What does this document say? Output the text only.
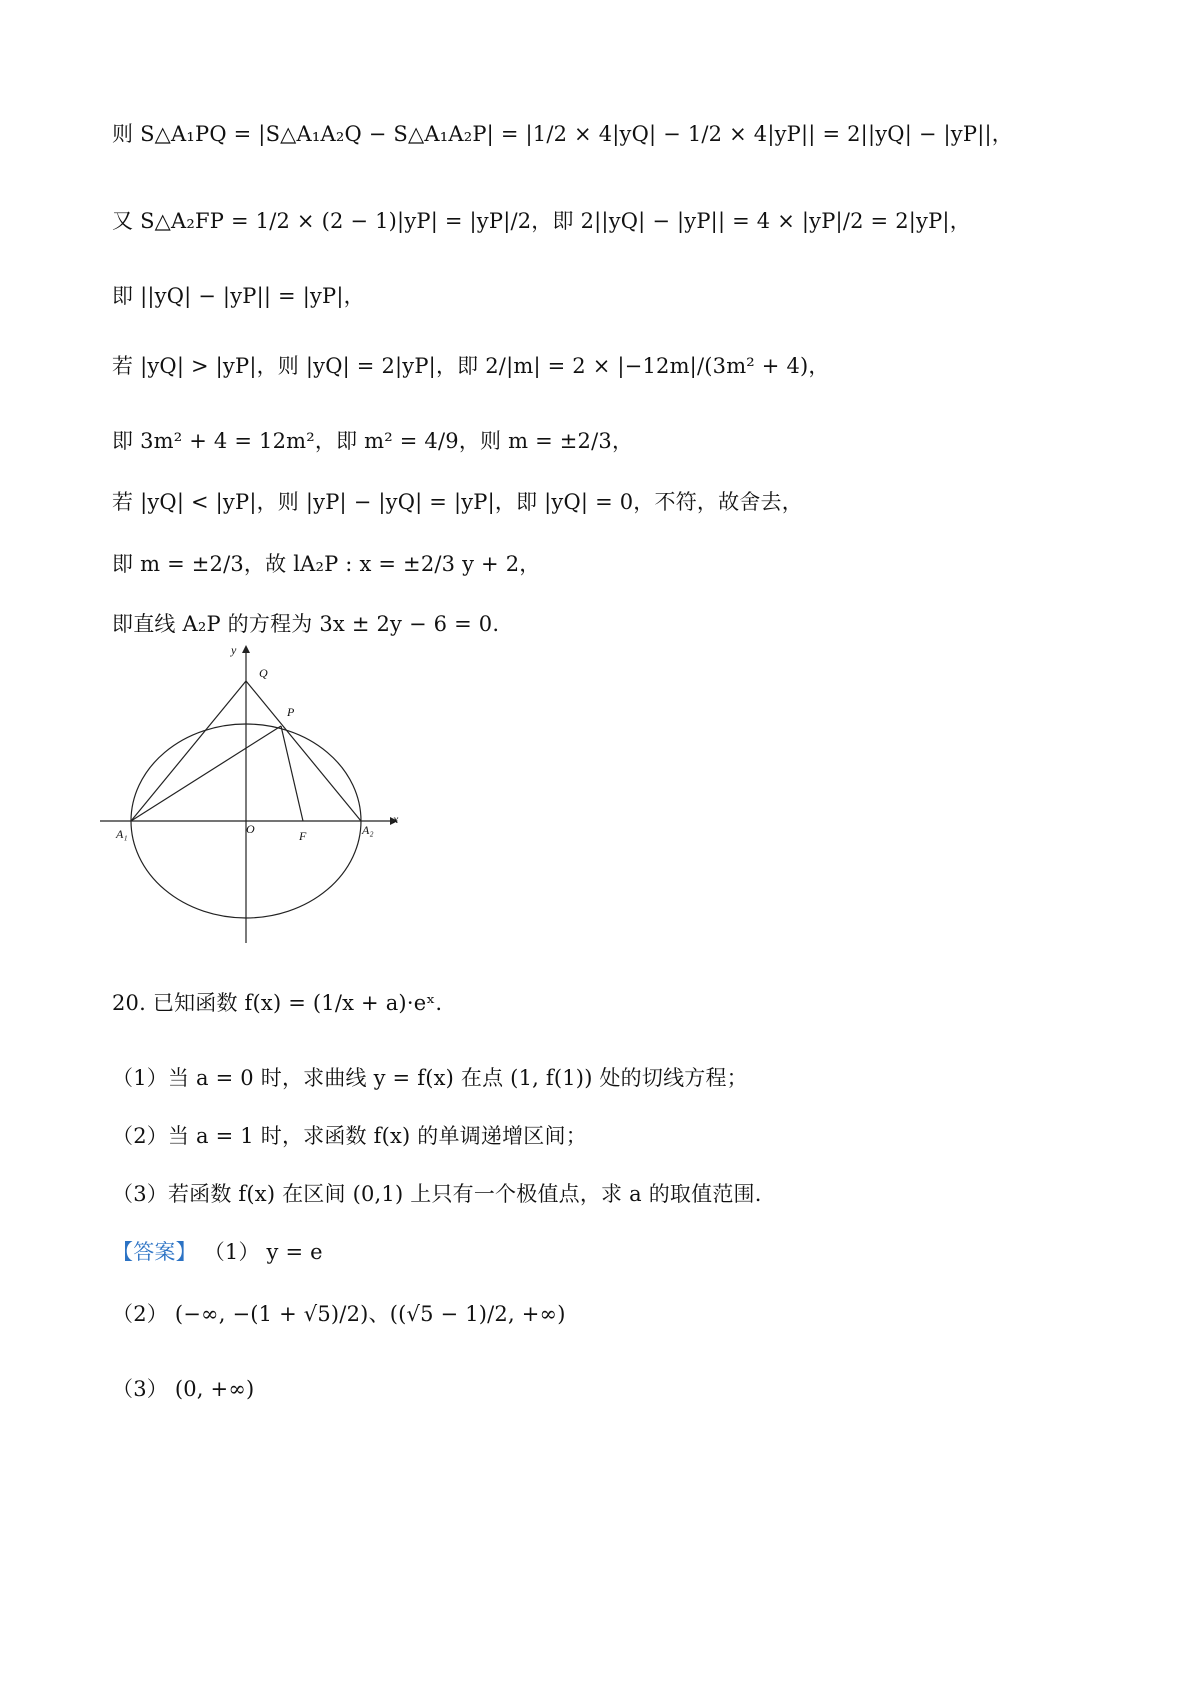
则 S△A₁PQ = |S△A₁A₂Q − S△A₁A₂P| = |1/2 × 4|yQ| − 1/2 × 4|yP|| = 2||yQ| − |yP||，
又 S△A₂FP = 1/2 × (2 − 1)|yP| = |yP|/2，即 2||yQ| − |yP|| = 4 × |yP|/2 = 2|yP|，
即 ||yQ| − |yP|| = |yP|，
若 |yQ| > |yP|，则 |yQ| = 2|yP|，即 2/|m| = 2 × |−12m|/(3m² + 4)，
即 3m² + 4 = 12m²，即 m² = 4/9，则 m = ±2/3，
若 |yQ| < |yP|，则 |yP| − |yQ| = |yP|，即 |yQ| = 0，不符，故舍去，
即 m = ±2/3，故 lA₂P : x = ±2/3 y + 2，
即直线 A₂P 的方程为 3x ± 2y − 6 = 0.
y
x
Q
P
O	F
A₁	A₂
20. 已知函数 f(x) = (1/x + a)·eˣ.
（1）当 a = 0 时，求曲线 y = f(x) 在点 (1, f(1)) 处的切线方程；
（2）当 a = 1 时，求函数 f(x) 的单调递增区间；
（3）若函数 f(x) 在区间 (0,1) 上只有一个极值点，求 a 的取值范围.
【答案】 （1） y = e
（2） (−∞, −(1 + √5)/2)、((√5 − 1)/2, +∞)
（3） (0, +∞)
